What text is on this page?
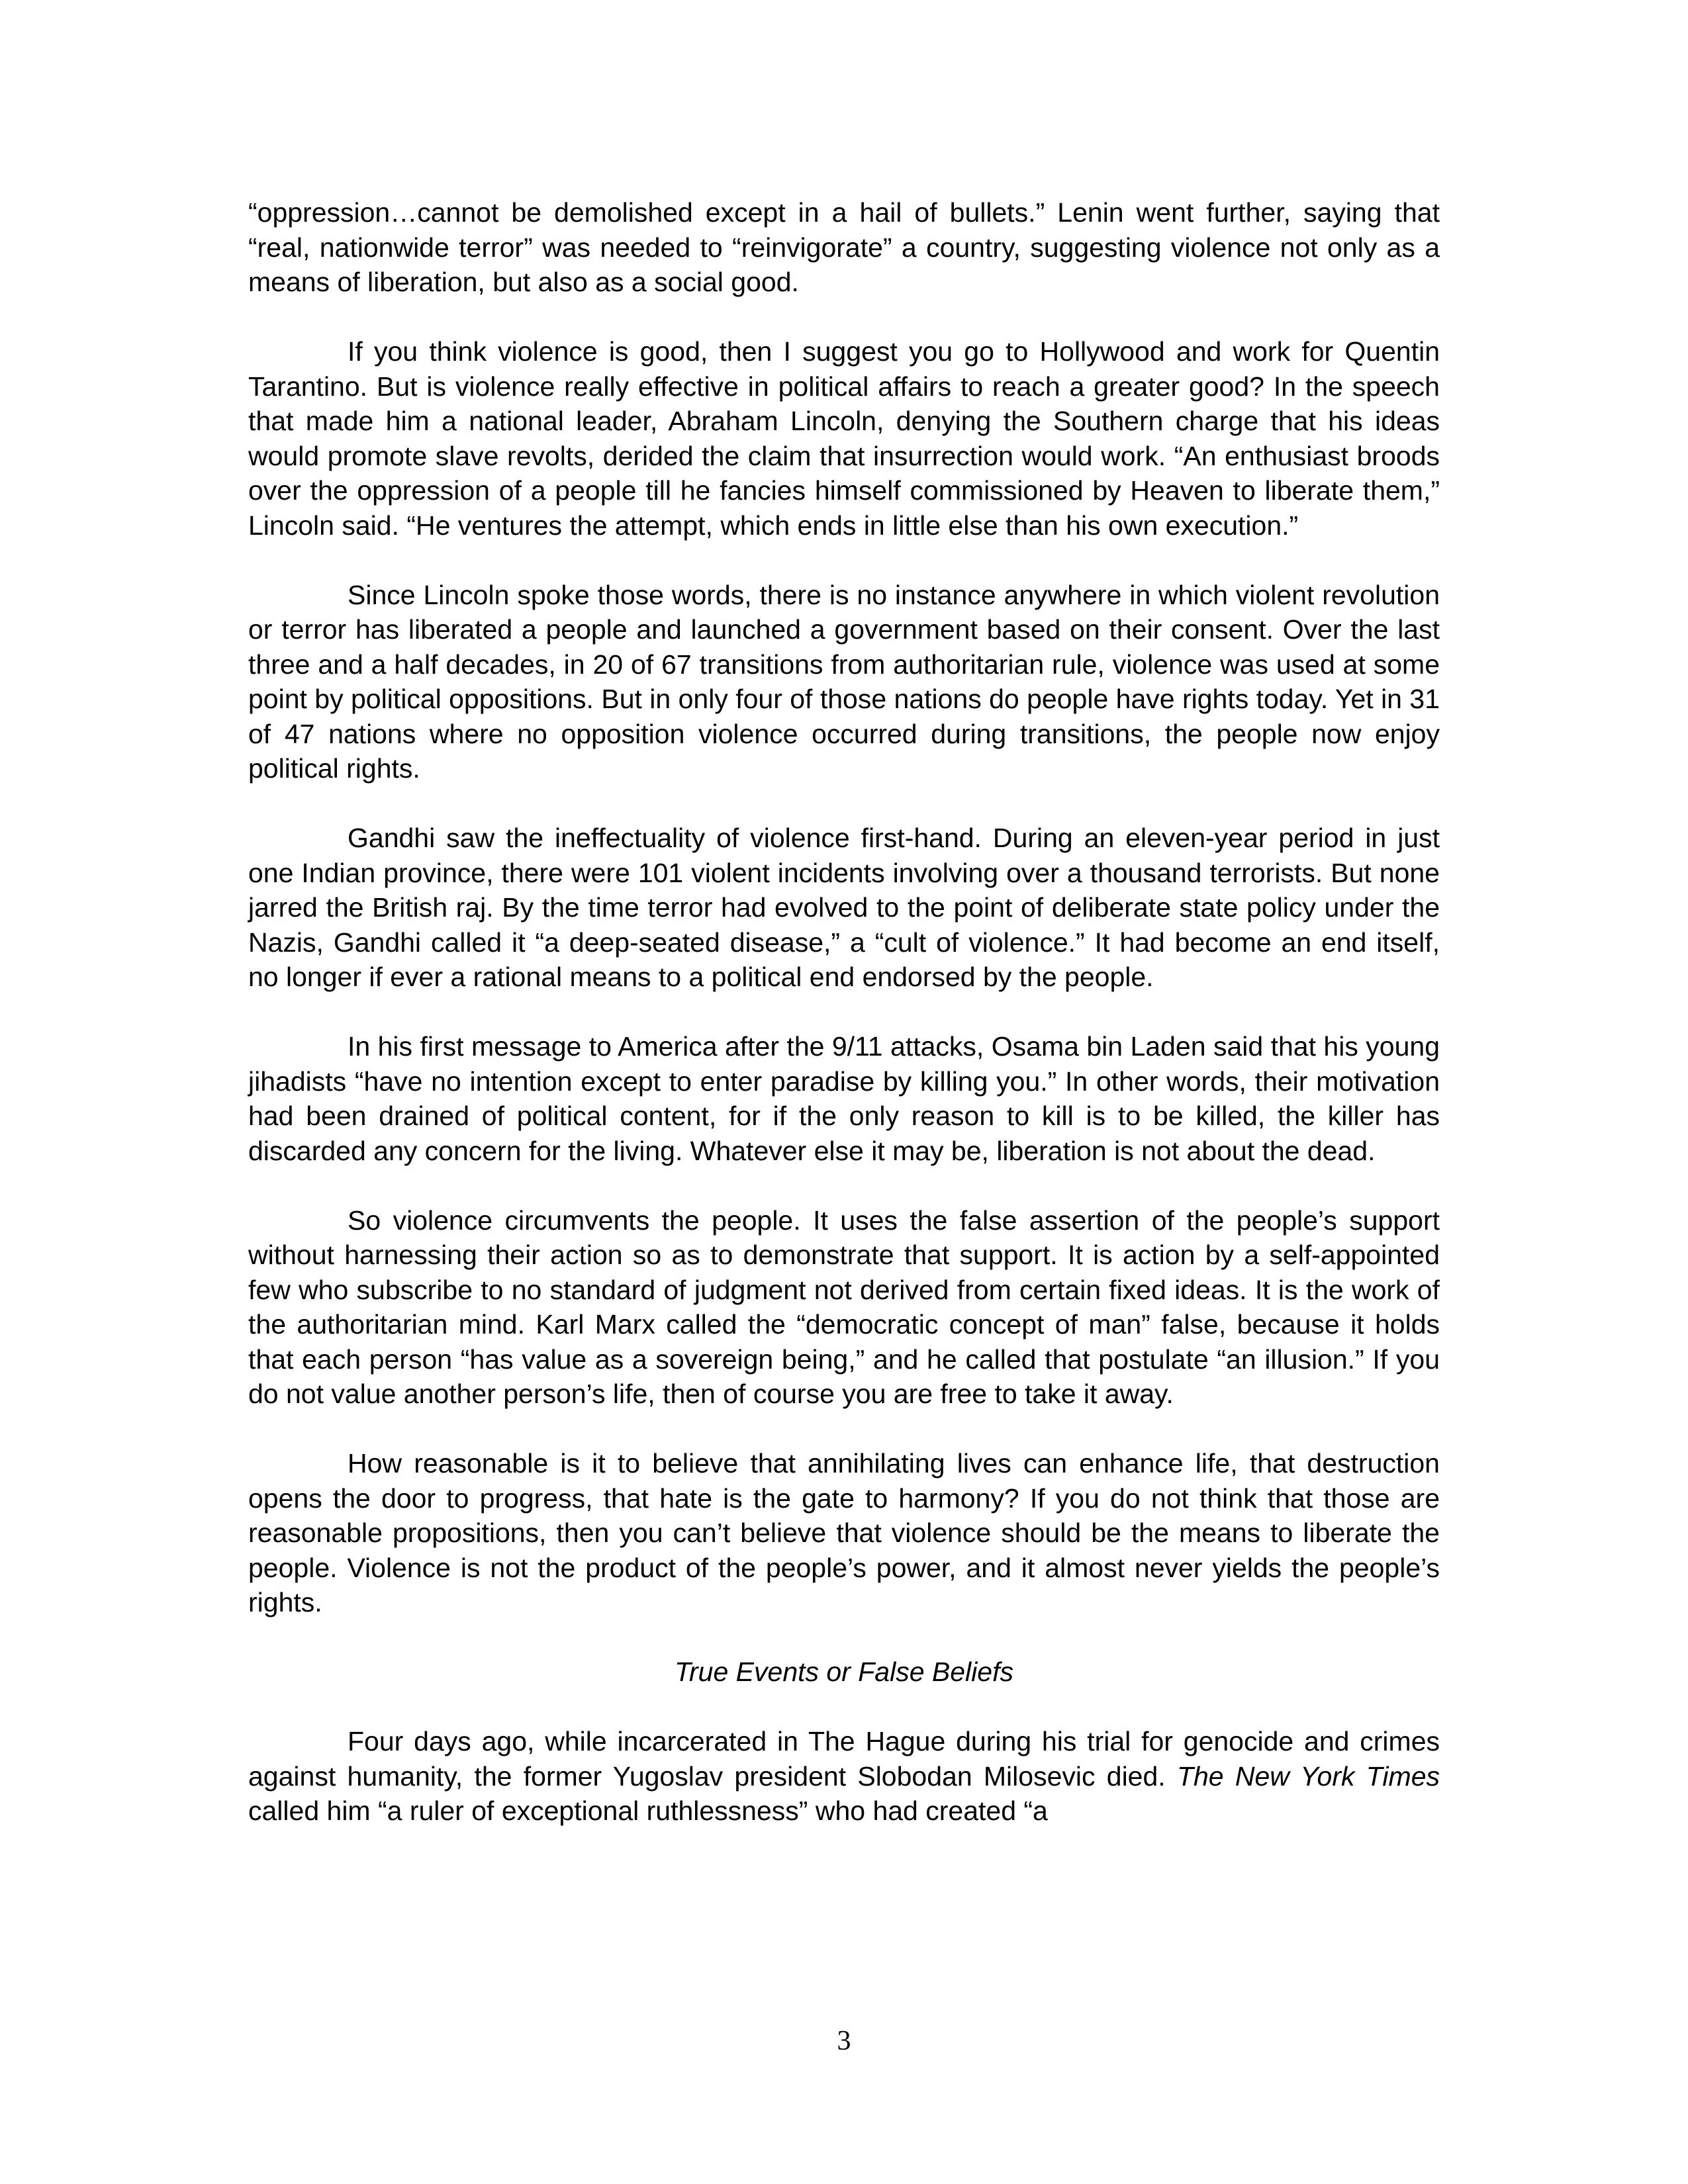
“oppression…cannot be demolished except in a hail of bullets.” Lenin went further, saying that “real, nationwide terror” was needed to “reinvigorate” a country, suggesting violence not only as a means of liberation, but also as a social good.

If you think violence is good, then I suggest you go to Hollywood and work for Quentin Tarantino. But is violence really effective in political affairs to reach a greater good? In the speech that made him a national leader, Abraham Lincoln, denying the Southern charge that his ideas would promote slave revolts, derided the claim that insurrection would work. “An enthusiast broods over the oppression of a people till he fancies himself commissioned by Heaven to liberate them,” Lincoln said. “He ventures the attempt, which ends in little else than his own execution.”

Since Lincoln spoke those words, there is no instance anywhere in which violent revolution or terror has liberated a people and launched a government based on their consent. Over the last three and a half decades, in 20 of 67 transitions from authoritarian rule, violence was used at some point by political oppositions. But in only four of those nations do people have rights today. Yet in 31 of 47 nations where no opposition violence occurred during transitions, the people now enjoy political rights.

Gandhi saw the ineffectuality of violence first-hand. During an eleven-year period in just one Indian province, there were 101 violent incidents involving over a thousand terrorists. But none jarred the British raj. By the time terror had evolved to the point of deliberate state policy under the Nazis, Gandhi called it “a deep-seated disease,” a “cult of violence.” It had become an end itself, no longer if ever a rational means to a political end endorsed by the people.

In his first message to America after the 9/11 attacks, Osama bin Laden said that his young jihadists “have no intention except to enter paradise by killing you.” In other words, their motivation had been drained of political content, for if the only reason to kill is to be killed, the killer has discarded any concern for the living. Whatever else it may be, liberation is not about the dead.

So violence circumvents the people. It uses the false assertion of the people’s support without harnessing their action so as to demonstrate that support. It is action by a self-appointed few who subscribe to no standard of judgment not derived from certain fixed ideas. It is the work of the authoritarian mind. Karl Marx called the “democratic concept of man” false, because it holds that each person “has value as a sovereign being,” and he called that postulate “an illusion.” If you do not value another person’s life, then of course you are free to take it away.

How reasonable is it to believe that annihilating lives can enhance life, that destruction opens the door to progress, that hate is the gate to harmony? If you do not think that those are reasonable propositions, then you can’t believe that violence should be the means to liberate the people. Violence is not the product of the people’s power, and it almost never yields the people’s rights.

True Events or False Beliefs

Four days ago, while incarcerated in The Hague during his trial for genocide and crimes against humanity, the former Yugoslav president Slobodan Milosevic died. The New York Times called him “a ruler of exceptional ruthlessness” who had created “a

3
